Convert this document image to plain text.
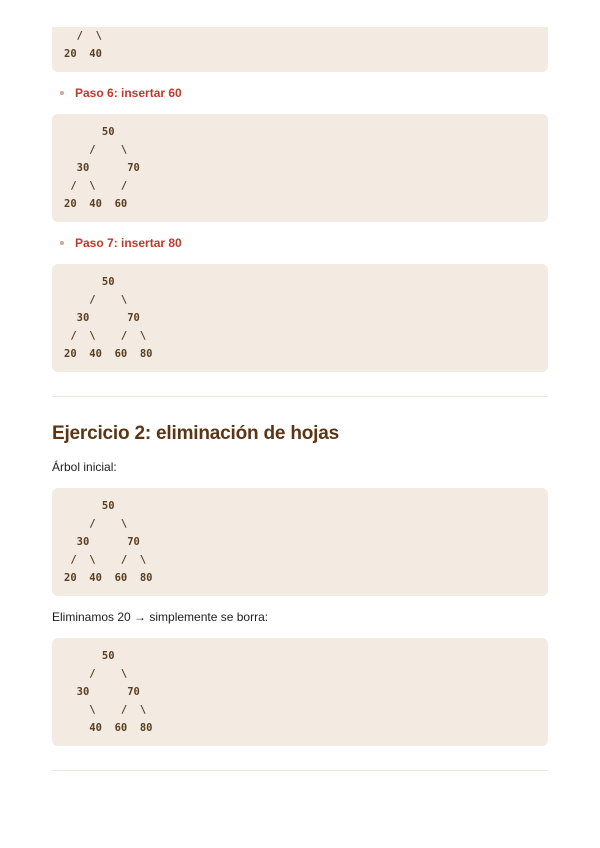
/  \
20  40
Paso 6: insertar 60
50
/    \
30      70
/  \    /
20  40  60
Paso 7: insertar 80
50
/    \
30      70
/  \    /  \
20  40  60  80
Ejercicio 2: eliminación de hojas

Árbol inicial:

50
/    \
30      70
/  \    /  \
20  40  60  80

Eliminamos 20 → simplemente se borra:

50
/    \
30      70
\    /  \
40  60  80
